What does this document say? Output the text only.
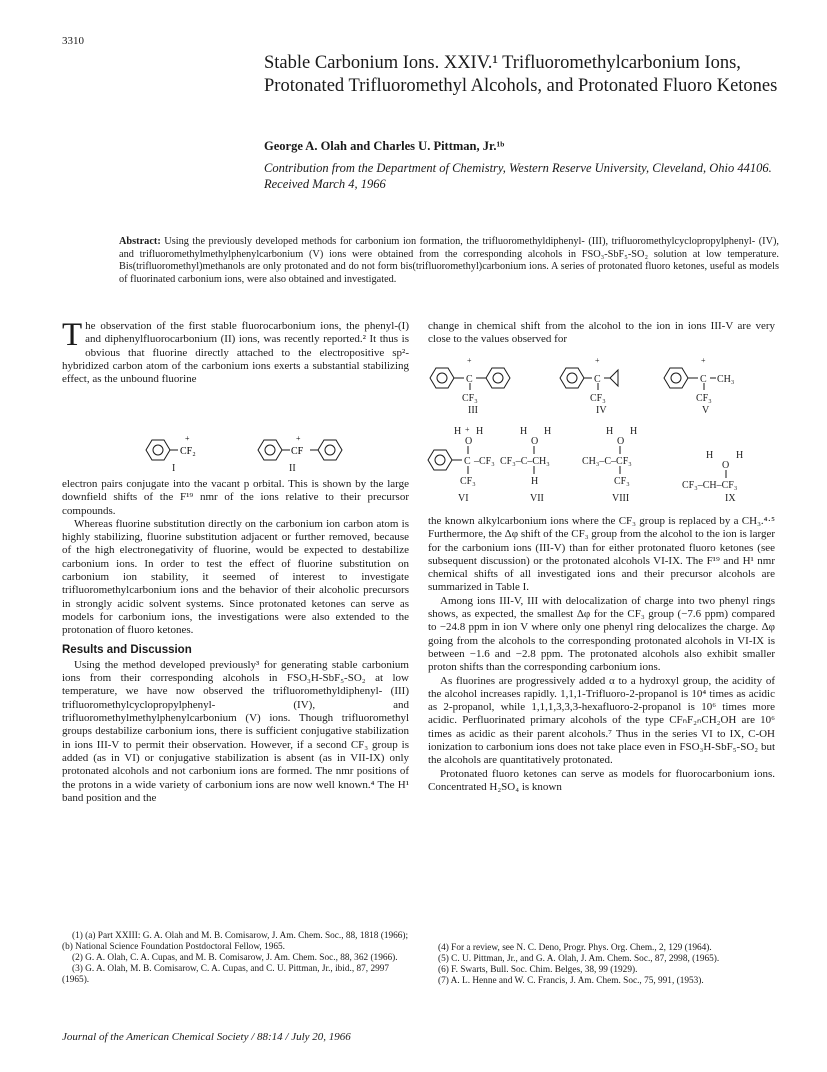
3310
Stable Carbonium Ions. XXIV.¹ Trifluoromethylcarbonium Ions, Protonated Trifluoromethyl Alcohols, and Protonated Fluoro Ketones
George A. Olah and Charles U. Pittman, Jr.¹ᵇ
Contribution from the Department of Chemistry, Western Reserve University, Cleveland, Ohio 44106. Received March 4, 1966
Abstract: Using the previously developed methods for carbonium ion formation, the trifluoromethyldiphenyl- (III), trifluoromethylcyclopropylphenyl- (IV), and trifluoromethylmethylphenylcarbonium (V) ions were obtained from the corresponding alcohols in FSO₃-SbF₅-SO₂ solution at low temperature. Bis(trifluoromethyl)methanols are only protonated and do not form bis(trifluoromethyl)carbonium ions. A series of protonated fluoro ketones, useful as models of fluorinated carbonium ions, were also obtained and investigated.

The observation of the first stable fluorocarbonium ions, the phenyl-(I) and diphenylfluorocarbonium (II) ions, was recently reported.² It thus is obvious that fluorine directly attached to the electropositive sp²-hybridized carbon atom of the carbonium ions exerts a substantial stabilizing effect, as the unbound fluorine

CF₂
+
CF
+
I	II

electron pairs conjugate into the vacant p orbital. This is shown by the large downfield shifts of the F¹⁹ nmr of the ions relative to their precursor compounds.

Whereas fluorine substitution directly on the carbonium ion carbon atom is highly stabilizing, fluorine substitution adjacent or further removed, because of the high electronegativity of fluorine, would be expected to destabilize carbonium ions. In order to test the effect of fluorine substitution on carbonium ion stability, it seemed of interest to investigate trifluoromethylcarbonium ions and the behavior of their alcoholic precursors in strongly acidic solvent systems. Since protonated ketones can serve as models for carbonium ions, the investigations were also extended to the protonation of fluoro ketones.

Results and Discussion

Using the method developed previously³ for generating stable carbonium ions from their corresponding alcohols in FSO₃H-SbF₅-SO₂ at low temperature, we have now observed the trifluoromethyldiphenyl- (III) trifluoromethylcyclopropylphenyl- (IV), and trifluoromethylmethylphenylcarbonium (V) ions. Though trifluoromethyl groups destabilize carbonium ions, there is sufficient conjugative stabilization in ions III-V to permit their observation. However, if a second CF₃ group is added (as in VI) or conjugative stabilization is absent (as in VII-IX) only protonated alcohols and not carbonium ions are formed. The nmr positions of the protons in a wide variety of carbonium ions are now well known.⁴ The H¹ band position and the

(1) (a) Part XXIII: G. A. Olah and M. B. Comisarow, J. Am. Chem. Soc., 88, 1818 (1966); (b) National Science Foundation Postdoctoral Fellow, 1965.

(2) G. A. Olah, C. A. Cupas, and M. B. Comisarow, J. Am. Chem. Soc., 88, 362 (1966).

(3) G. A. Olah, M. B. Comisarow, C. A. Cupas, and C. U. Pittman, Jr., ibid., 87, 2997 (1965).

change in chemical shift from the alcohol to the ion in ions III-V are very close to the values observed for

C
+
CF₃
C
+
CF₃
C
+
CH₃
CF₃
H + H
O
C –CF₃
CF₃
H H
O
CF₃–C–CH₃
H
H H
O
CH₃–C–CF₃
CF₃
H H
O
CF₃–CH–CF₃
III	IV	V
VI	VII	VIII	IX

the known alkylcarbonium ions where the CF₃ group is replaced by a CH₃.⁴·⁵ Furthermore, the Δφ shift of the CF₃ group from the alcohol to the ion is larger for the carbonium ions (III-V) than for either protonated fluoro ketones (see subsequent discussion) or the protonated alcohols VI-IX. The F¹⁹ and H¹ nmr chemical shifts of all investigated ions and their precursor alcohols are summarized in Table I.

Among ions III-V, III with delocalization of charge into two phenyl rings shows, as expected, the smallest Δφ for the CF₃ group (−7.6 ppm) compared to −24.8 ppm in ion V where only one phenyl ring delocalizes the charge. Δφ going from the alcohols to the corresponding protonated alcohols in VI-IX is between −1.6 and −2.8 ppm. The protonated alcohols also exhibit smaller proton shifts than the corresponding carbonium ions.

As fluorines are progressively added α to a hydroxyl group, the acidity of the alcohol increases rapidly. 1,1,1-Trifluoro-2-propanol is 10⁴ times as acidic as 2-propanol, while 1,1,1,3,3,3-hexafluoro-2-propanol is 10⁶ times more acidic. Perfluorinated primary alcohols of the type CFₙF₂ₙCH₂OH are 10⁶ times as acidic as their parent alcohols.⁷ Thus in the series VI to IX, C-OH ionization to carbonium ions does not take place even in FSO₃H-SbF₅-SO₂ but the alcohols are quantitatively protonated.

Protonated fluoro ketones can serve as models for fluorocarbonium ions. Concentrated H₂SO₄ is known

(4) For a review, see N. C. Deno, Progr. Phys. Org. Chem., 2, 129 (1964).

(5) C. U. Pittman, Jr., and G. A. Olah, J. Am. Chem. Soc., 87, 2998, (1965).

(6) F. Swarts, Bull. Soc. Chim. Belges, 38, 99 (1929).

(7) A. L. Henne and W. C. Francis, J. Am. Chem. Soc., 75, 991, (1953).

Journal of the American Chemical Society / 88:14 / July 20, 1966
